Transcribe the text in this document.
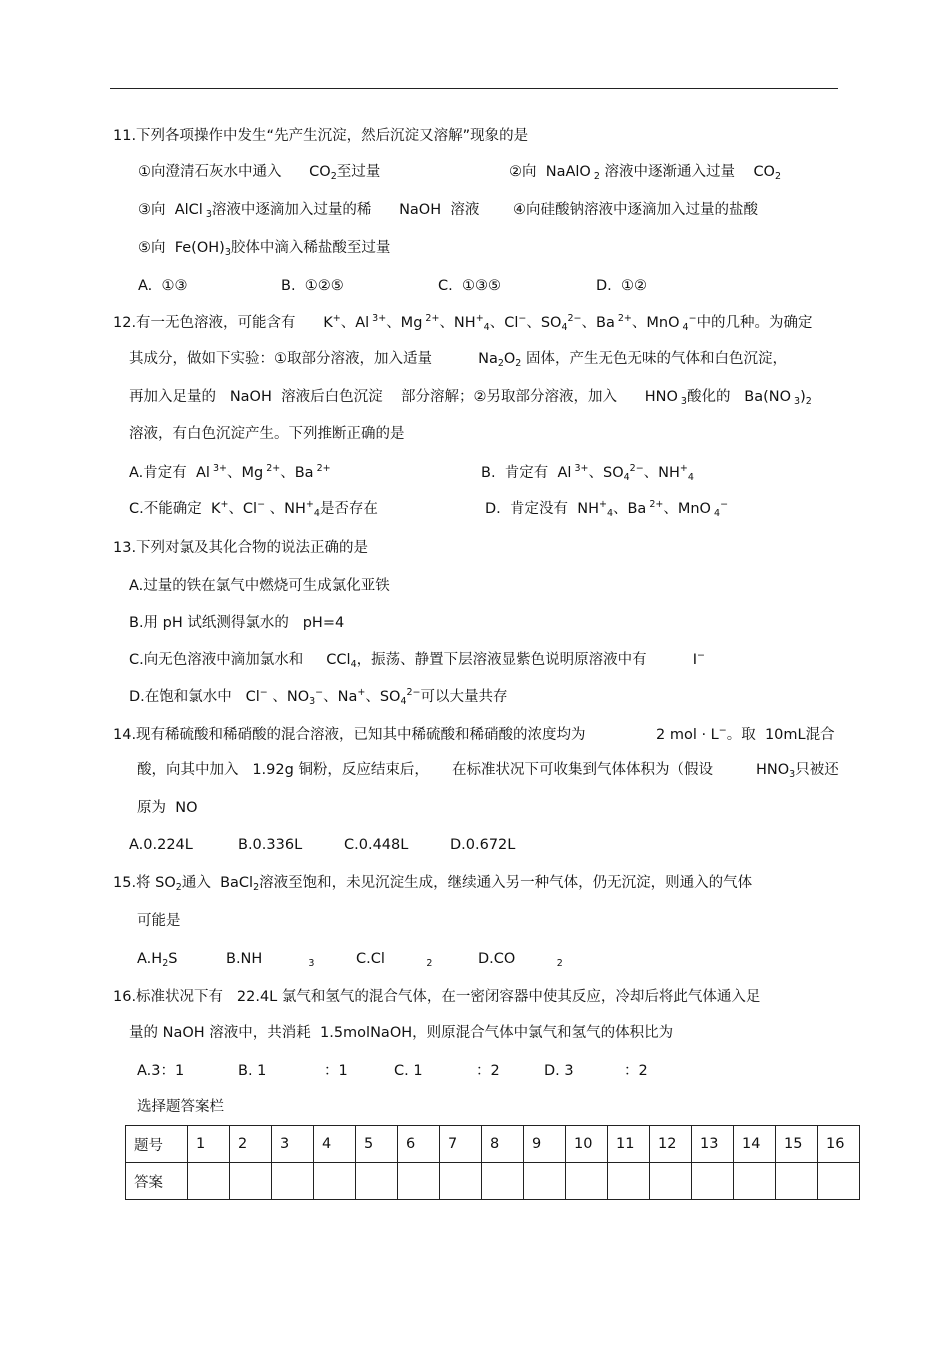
11.下列各项操作中发生“先产生沉淀，然后沉淀又溶解”现象的是
①向澄清石灰水中通入 $CO_2$至过量	②向 NaAlO $_2$ 溶液中逐渐通入过量 $CO_2$
③向 AlCl $_3$溶液中逐滴加入过量的稀 NaOH 溶液 ④向硅酸钠溶液中逐滴加入过量的盐酸
⑤向 $Fe(OH)_3$胶体中滴入稀盐酸至过量
A.  ①③	B.  ①②⑤	C.  ①③⑤	D.  ①②
12.有一无色溶液，可能含有      K+、Al $^{3+}$、Mg $^{2+}$、$NH^+_4$、Cl−、$SO_4^{2-}$、Ba $^{2+}$、MnO $_4$−中的几种。为确定
其成分，做如下实验：①取部分溶液，加入适量          $Na_2O_2$ 固体，产生无色无味的气体和白色沉淀，
再加入足量的 NaOH 溶液后白色沉淀 部分溶解；②另取部分溶液，加入 HNO $_3$酸化的 Ba(NO $_3)_2$
溶液，有白色沉淀产生。下列推断正确的是
A.肯定有  Al $^{3+}$、Mg $^{2+}$、Ba $^{2+}$	B.  肯定有  Al $^{3+}$、$SO_4^{2-}$、$NH^+_4$
C.不能确定  K+、Cl− 、$NH^+_4$是否存在	D.  肯定没有  $NH^+_4$、Ba $^{2+}$、MnO $_4$−
13.下列对氯及其化合物的说法正确的是
A.过量的铁在氯气中燃烧可生成氯化亚铁
B.用 pH 试纸测得氯水的 pH=4
C.向无色溶液中滴加氯水和 CCl$_4$，振荡、静置下层溶液显紫色说明原溶液中有	I−
D.在饱和氯水中   Cl− 、$NO_3^-$、Na+、$SO_4^{2-}$可以大量共存
14.现有稀硫酸和稀硝酸的混合溶液，已知其中稀硫酸和稀硝酸的浓度均为	2 mol · L−。取 10mL混合
酸，向其中加入 1.92g 铜粉，反应结束后， 在标准状况下可收集到气体体积为（假设	$HNO_3$只被还
原为 NO
A.0.224L	B.0.336L	C.0.448L	D.0.672L
15.将 $SO_2$通入 BaCl$_2$溶液至饱和，未见沉淀生成，继续通入另一种气体，仍无沉淀，则通入的气体
可能是
$A.H_2S$	B.NH	$_3$	C.Cl	$_2$	D.CO	$_2$
16.标准状况下有 22.4L 氯气和氢气的混合气体，在一密闭容器中使其反应，冷却后将此气体通入足
量的 NaOH 溶液中，共消耗 1.5molNaOH，则原混合气体中氯气和氢气的体积比为
A.3：1	B. 1	：1	C. 1	：2	D. 3	：2
选择题答案栏
题号	1	2	3	4	5	6	7	8	9	10	11	12	13	14	15	16
答案																
